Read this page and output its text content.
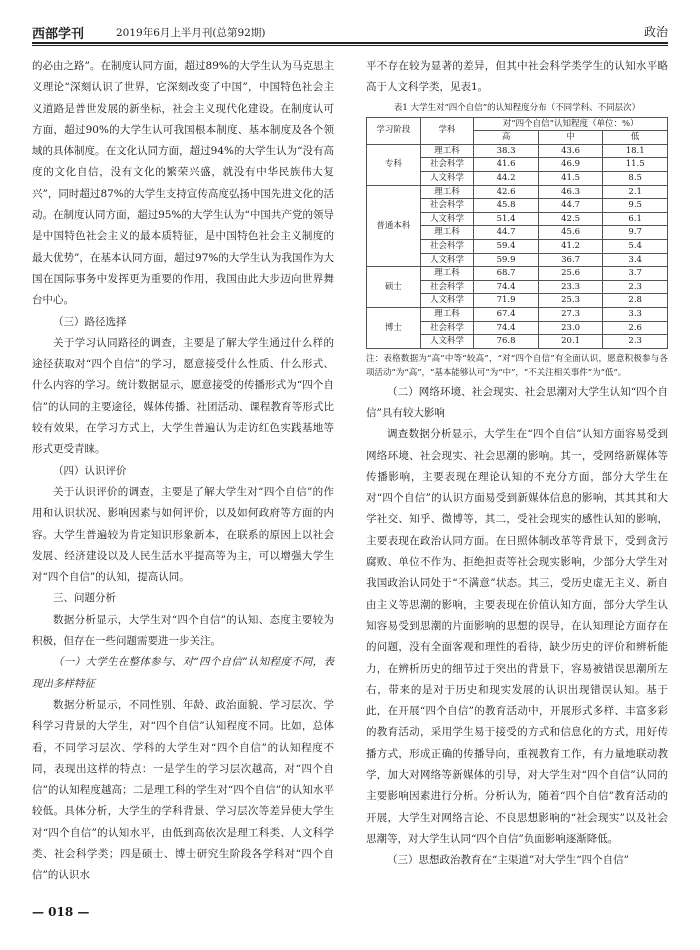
西部学刊	2019年6月上半月刊(总第92期)	政治

的必由之路”。在制度认同方面，超过89%的大学生认为马克思主义理论“深刻认识了世界，它深刻改变了中国”，中国特色社会主义道路是普世发展的新坐标，社会主义现代化建设。在制度认可方面，超过90%的大学生认可我国根本制度、基本制度及各个领域的具体制度。在文化认同方面，超过94%的大学生认为“没有高度的文化自信，没有文化的繁荣兴盛，就没有中华民族伟大复兴”，同时超过87%的大学生支持宣传高度弘扬中国先进文化的活动。在制度认同方面，超过95%的大学生认为“中国共产党的领导是中国特色社会主义的最本质特征，是中国特色社会主义制度的最大优势”，在基本认同方面，超过97%的大学生认为我国作为大国在国际事务中发挥更为重要的作用，我国由此大步迈向世界舞台中心。

（三）路径选择

关于学习认同路径的调查，主要是了解大学生通过什么样的途径获取对“四个自信”的学习，愿意接受什么性质、什么形式、什么内容的学习。统计数据显示，愿意接受的传播形式为“四个自信”的认同的主要途径，媒体传播、社团活动、课程教育等形式比较有效果，在学习方式上，大学生普遍认为走访红色实践基地等形式更受青睐。

（四）认识评价

关于认识评价的调查，主要是了解大学生对“四个自信”的作用和认识状况、影响因素与如何评价，以及如何政府等方面的内容。大学生普遍较为肯定知识形象新本，在联系的原因上以社会发展、经济建设以及人民生活水平提高等为主，可以增强大学生对“四个自信”的认知，提高认同。

三、问题分析

数据分析显示，大学生对“四个自信”的认知、态度主要较为积极，但存在一些问题需要进一步关注。

（一）大学生在整体参与、对“四个自信”认知程度不同，表现出多样特征

数据分析显示，不同性别、年龄、政治面貌、学习层次、学科学习背景的大学生，对“四个自信”认知程度不同。比如，总体看，不同学习层次、学科的大学生对“四个自信”的认知程度不同，表现出这样的特点：一是学生的学习层次越高，对“四个自信”的认知程度越高；二是理工科的学生对“四个自信”的认知水平较低。具体分析，大学生的学科背景、学习层次等差异使大学生对“四个自信”的认知水平，由低到高依次是理工科类、人文科学类、社会科学类；四是硕士、博士研究生阶段各学科对“四个自信”的认识水

平不存在较为显著的差异，但其中社会科学类学生的认知水平略高于人文科学类，见表1。

表1 大学生对“四个自信”的认知程度分布（不同学科、不同层次）
学习阶段	学科	对“四个自信”认知程度（单位：%）		
		高	中	低
专科	理工科	38.3	43.6	18.1
	社会科学	41.6	46.9	11.5
	人文科学	44.2	41.5	8.5
普通本科	理工科	42.6	46.3	2.1
	社会科学	45.8	44.7	9.5
	人文科学	51.4	42.5	6.1
	理工科	44.7	45.6	9.7
	社会科学	59.4	41.2	5.4
	人文科学	59.9	36.7	3.4
硕士	理工科	68.7	25.6	3.7
	社会科学	74.4	23.3	2.3
	人文科学	71.9	25.3	2.8
博士	理工科	67.4	27.3	3.3
	社会科学	74.4	23.0	2.6
	人文科学	76.8	20.1	2.3
注：表格数据为“高”中等“较高”，“对“四个自信”有全面认识，愿意积极参与各项活动”为“高”，“基本能够认可”为“中”，“不关注相关事件”为“低”。

（二）网络环境、社会现实、社会思潮对大学生认知“四个自信”具有较大影响

调查数据分析显示，大学生在“四个自信”认知方面容易受到网络环境、社会现实、社会思潮的影响。其一，受网络新媒体等传播影响，主要表现在理论认知的不充分方面，部分大学生在对“四个自信”的认识方面易受到新媒体信息的影响，其其其和大学社交、知乎、微博等，其二，受社会现实的感性认知的影响，主要表现在政治认同方面。在日照体制改革等背景下，受到贪污腐败、单位不作为、拒绝担责等社会现实影响，少部分大学生对我国政治认同处于“不满意”状态。其三，受历史虚无主义、新自由主义等思潮的影响，主要表现在价值认知方面，部分大学生认知容易受到思潮的片面影响的思想的误导，在认知理论方面存在的问题，没有全面客观和理性的看待，缺少历史的评价和辨析能力，在辨析历史的细节过于突出的背景下，容易被错误思潮所左右，带来的是对于历史和现实发展的认识出现错误认知。基于此，在开展“四个自信”的教育活动中，开展形式多样、丰富多彩的教育活动，采用学生易于接受的方式和信息化的方式，用好传播方式，形成正确的传播导向，重视教育工作，有力量地联动教学，加大对网络等新媒体的引导，对大学生对“四个自信”认同的主要影响因素进行分析。分析认为，随着“四个自信”教育活动的开展，大学生对网络言论、不良思想影响的“社会现实”以及社会思潮等，对大学生认同“四个自信”负面影响逐渐降低。

（三）思想政治教育在“主渠道”对大学生“四个自信”

— 018 —
